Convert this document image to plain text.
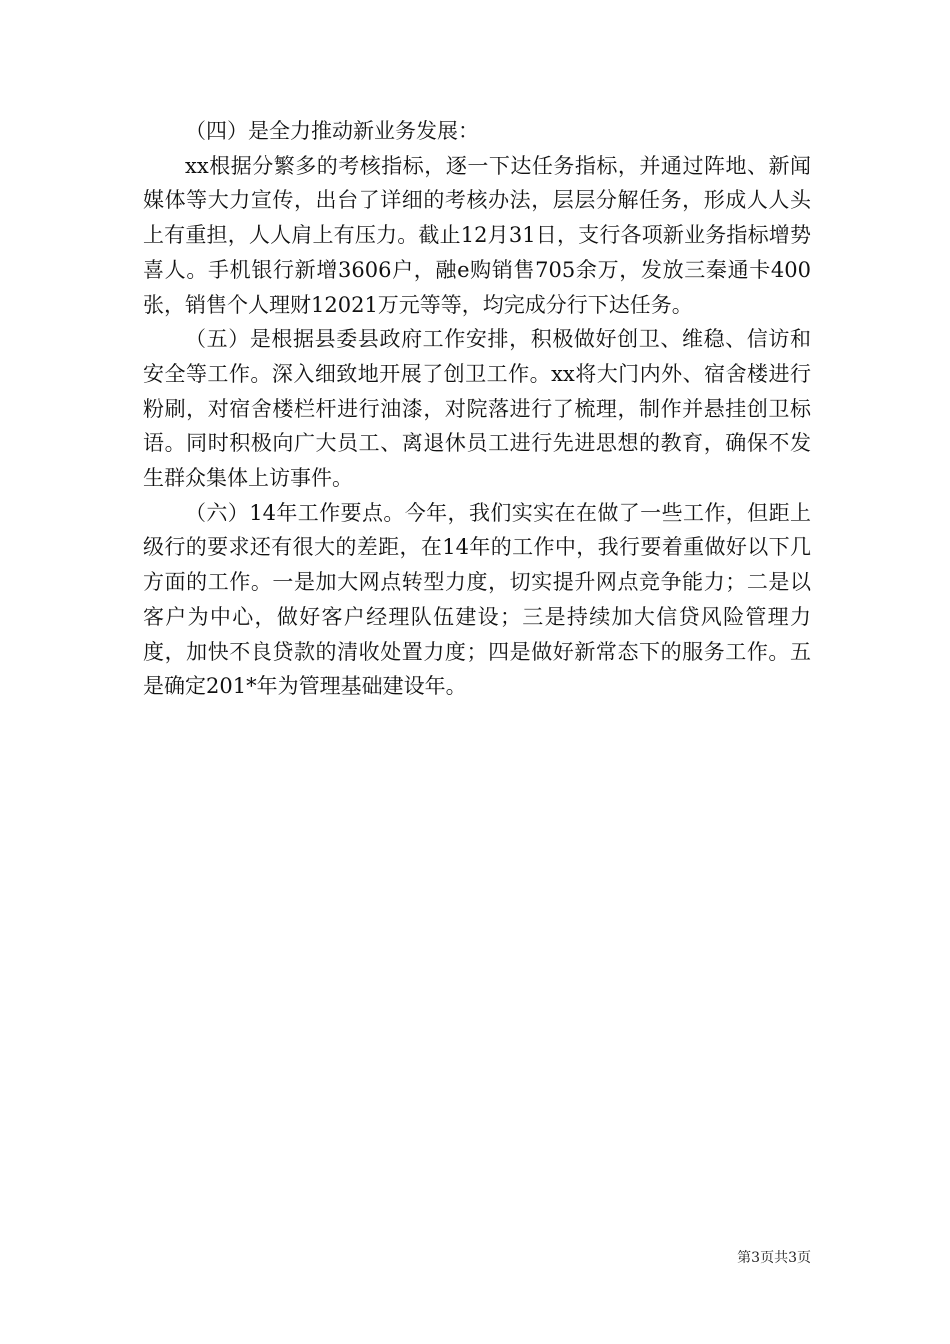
（四）是全力推动新业务发展：

xx根据分繁多的考核指标，逐一下达任务指标，并通过阵地、新闻媒体等大力宣传，出台了详细的考核办法，层层分解任务，形成人人头上有重担，人人肩上有压力。截止12月31日，支行各项新业务指标增势喜人。手机银行新增3606户，融e购销售705余万，发放三秦通卡400张，销售个人理财12021万元等等，均完成分行下达任务。

（五）是根据县委县政府工作安排，积极做好创卫、维稳、信访和安全等工作。深入细致地开展了创卫工作。xx将大门内外、宿舍楼进行粉刷，对宿舍楼栏杆进行油漆，对院落进行了梳理，制作并悬挂创卫标语。同时积极向广大员工、离退休员工进行先进思想的教育，确保不发生群众集体上访事件。

（六）14年工作要点。今年，我们实实在在做了一些工作，但距上级行的要求还有很大的差距，在14年的工作中，我行要着重做好以下几方面的工作。一是加大网点转型力度，切实提升网点竞争能力；二是以客户为中心，做好客户经理队伍建设；三是持续加大信贷风险管理力度，加快不良贷款的清收处置力度；四是做好新常态下的服务工作。五是确定201*年为管理基础建设年。

第3页共3页
